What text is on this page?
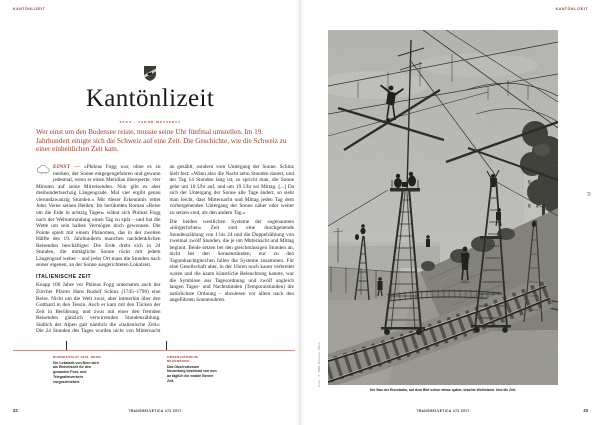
KANTÖNLIZEIT
Kantönlizeit
TEXT – JAKOB MESSERLI

Wer einst um den Bodensee reiste, musste seine Uhr fünfmal umstellen. Im 19. Jahrhundert einigte sich die Schweiz auf eine Zeit. Die Geschichte, wie die Schweiz zu einer einheitlichen Zeit kam.

EINST — «Phileas Fogg war, ohne es zu merken, der Sonne entgegengefahren und gewann jedesmal, wenn er einen Meridian überquerte, vier Minuten auf seine Mitreisenden. Nun gibt es aber dreihundertsechzig Längengrade. Mal vier ergibt genau vierundzwanzig Stunden.» Mit dieser Erkenntnis rettet Jules Verne seinen Helden: Im berühmten Roman «Reise um die Erde in achtzig Tagen» wähnt sich Phileas Fogg nach der Weltumrundung einen Tag zu spät – und hat die Wette um sein halbes Vermögen doch gewonnen. Die Pointe spielt mit einem Phänomen, das in der zweiten Hälfte des 19. Jahrhunderts manchen nachdenklichen Reisenden beschäftigte: Die Erde dreht sich in 24 Stunden, die mittägliche Sonne rückt mit jedem Längengrad weiter – und jeder Ort mass die Stunden nach seiner eigenen, an der Sonne ausgerichteten Lokalzeit.

ITALIENISCHE ZEIT

Knapp 100 Jahre vor Phileas Fogg unternahm auch der Zürcher Pfarrer Hans Rudolf Schinz (1745–1790) eine Reise. Nicht um die Welt zwar, aber immerhin über den Gotthard in den Tessin. Auch er kam mit den Tücken der Zeit in Berührung, und zwar mit einer den fremden Reisenden gänzlich verwirrenden Stundenzählung. Südlich der Alpen galt nämlich die «italienische Zeit»: Die 24 Stunden des Tages wurden nicht von Mitternacht an gezählt, sondern vom Untergang der Sonne. Schinz hielt fest: «Wann also die Nacht zehn Stunden dauert, und der Tag 14 Stunden lang ist, so spricht man, die Sonne gehe um 10 Uhr auf, und um 19 Uhr sei Mittag. [...] Da sich der Untergang der Sonne alle Tage ändert, so sieht man leicht, dass Mitternacht und Mittag jeden Tag dem vorhergehenden Untergang der Sonne näher oder weiter zu setzen sind, als den andern Tag.»

Die beiden westlichen Systeme der sogenannten «bürgerlichen» Zeit sind eine durchgehende Stundenzählung von 1 bis 24 und die Doppelzählung von zweimal zwölf Stunden, die je um Mitternacht und Mittag beginnt. Beide setzen bei den gleichmässigen Stunden an, nicht bei den Sonnenständen; nur zu den Tagundnachtgleichen fallen die Systeme zusammen. Für eine Gesellschaft aber, in der Uhren noch kaum verbreitet waren und die kaum künstliche Beleuchtung kannte, war die Symbiose aus Tagesordnung und zwölf ungleich langen Tages- und Nachtstunden (Temporalstunden) die natürlichste Ordnung – abzulesen vor allem nach den angeführten Sonnenuhren.

BUNDESSTAAT 1848, BERN
Die Lokalzeit von Bern wird als Einheitszeit für den gesamten Post- und Telegrafenverkehr vorgeschrieben.
OBSERVATORIUM, NEUENBURG
Das Observatorium Neuenburg bestimmt von nun an täglich die exakte Berner Zeit.
22	TRANSHELVETICA #72 ZEIT
KANTÖNLIZEIT
Foto: © SBB Historic, Bern
Der Bau der Eisenbahn, auf dem Bild schon etwas später, brachte Wohlstand. Und die Zeit.
[2]
TRANSHELVETICA #72 ZEIT	23
